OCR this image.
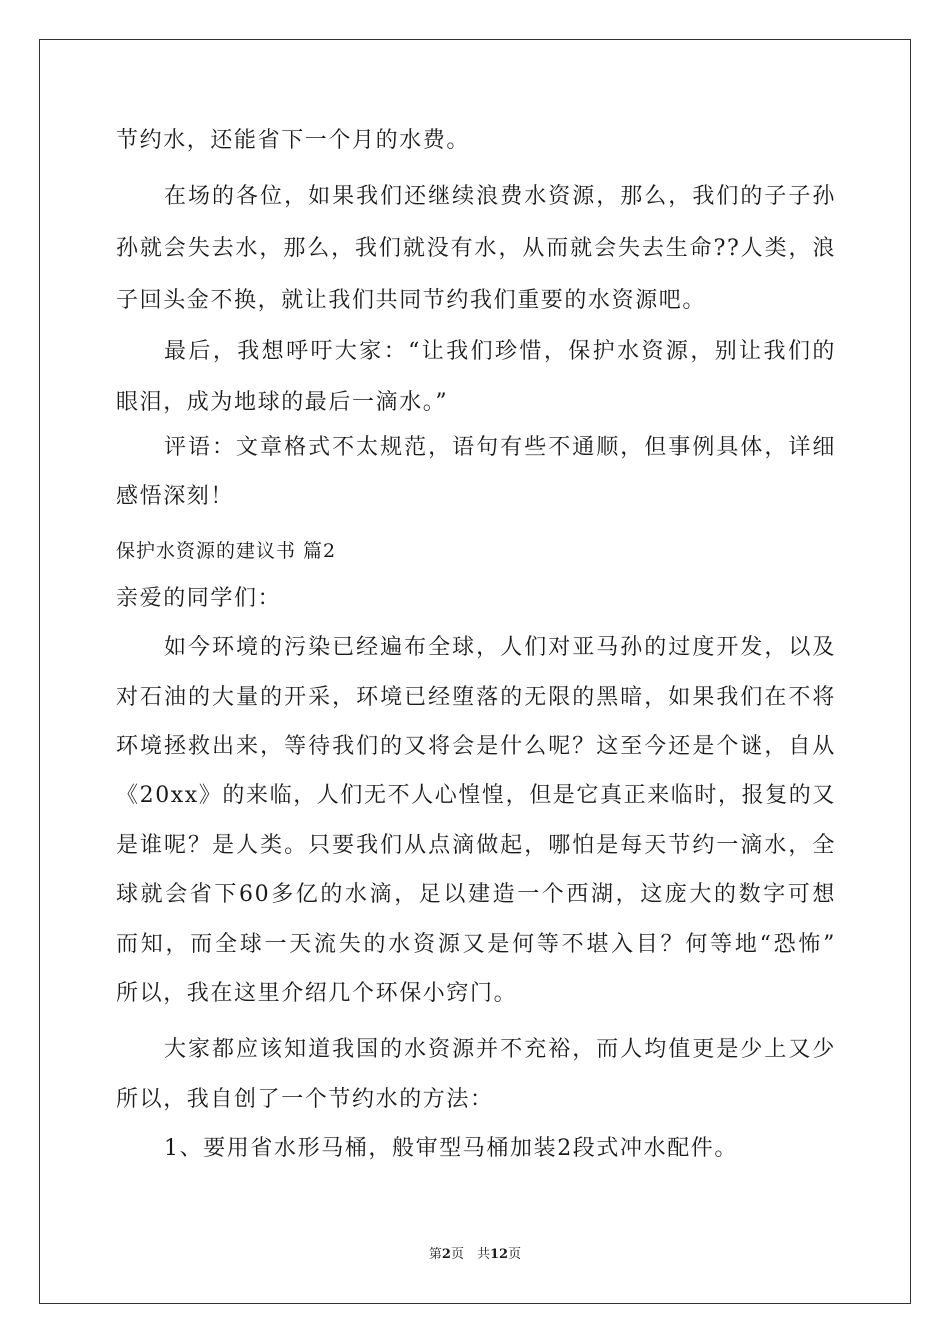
节约水，还能省下一个月的水费。

在场的各位，如果我们还继续浪费水资源，那么，我们的子子孙

孙就会失去水，那么，我们就没有水，从而就会失去生命??人类，浪

子回头金不换，就让我们共同节约我们重要的水资源吧。

最后，我想呼吁大家：“让我们珍惜，保护水资源，别让我们的

眼泪，成为地球的最后一滴水。”

评语：文章格式不太规范，语句有些不通顺，但事例具体，详细

感悟深刻！

保护水资源的建议书 篇2

亲爱的同学们：

如今环境的污染已经遍布全球，人们对亚马孙的过度开发，以及

对石油的大量的开采，环境已经堕落的无限的黑暗，如果我们在不将

环境拯救出来，等待我们的又将会是什么呢？这至今还是个谜，自从

《20xx》的来临，人们无不人心惶惶，但是它真正来临时，报复的又

是谁呢？是人类。只要我们从点滴做起，哪怕是每天节约一滴水，全

球就会省下60多亿的水滴，足以建造一个西湖，这庞大的数字可想

而知，而全球一天流失的水资源又是何等不堪入目？何等地“恐怖”

所以，我在这里介绍几个环保小窍门。

大家都应该知道我国的水资源并不充裕，而人均值更是少上又少

所以，我自创了一个节约水的方法：

1、要用省水形马桶，般审型马桶加装2段式冲水配件。

第2页　共12页
